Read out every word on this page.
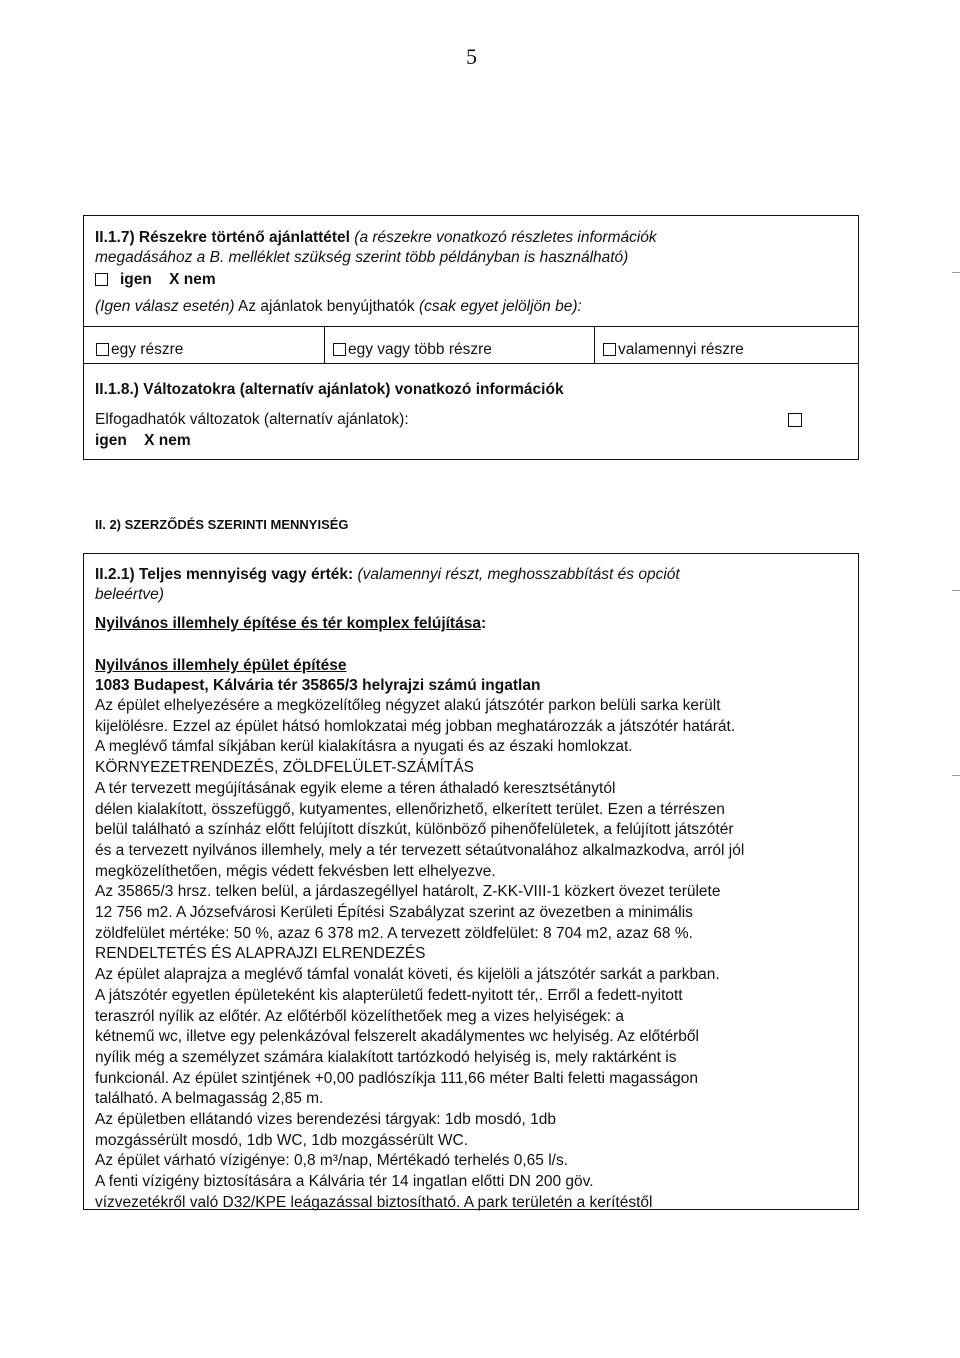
5
II.1.7) Részekre történő ajánlattétel (a részekre vonatkozó részletes információk
megadásához a B. melléklet szükség szerint több példányban is használható)
igen X nem
(Igen válasz esetén) Az ajánlatok benyújthatók (csak egyet jelöljön be):
egy részre	egy vagy több részre	valamennyi részre
II.1.8.) Változatokra (alternatív ajánlatok) vonatkozó információk
Elfogadhatók változatok (alternatív ajánlatok):
igen X nem
II. 2) SZERZŐDÉS SZERINTI MENNYISÉG
II.2.1) Teljes mennyiség vagy érték: (valamennyi részt, meghosszabbítást és opciót
beleértve)
Nyilvános illemhely építése és tér komplex felújítása:
Nyilvános illemhely épület építése
1083 Budapest, Kálvária tér 35865/3 helyrajzi számú ingatlan
Az épület elhelyezésére a megközelítőleg négyzet alakú játszótér parkon belüli sarka került
kijelölésre. Ezzel az épület hátsó homlokzatai még jobban meghatározzák a játszótér határát.
A meglévő támfal síkjában kerül kialakításra a nyugati és az északi homlokzat.
KÖRNYEZETRENDEZÉS, ZÖLDFELÜLET-SZÁMÍTÁS
A tér tervezett megújításának egyik eleme a téren áthaladó keresztsétánytól
délen kialakított, összefüggő, kutyamentes, ellenőrizhető, elkerített terület. Ezen a térrészen
belül található a színház előtt felújított díszkút, különböző pihenőfelületek, a felújított játszótér
és a tervezett nyilvános illemhely, mely a tér tervezett sétaútvonalához alkalmazkodva, arról jól
megközelíthetően, mégis védett fekvésben lett elhelyezve.
Az 35865/3 hrsz. telken belül, a járdaszegéllyel határolt, Z-KK-VIII-1 közkert övezet területe
12 756 m2. A Józsefvárosi Kerületi Építési Szabályzat szerint az övezetben a minimális
zöldfelület mértéke: 50 %, azaz 6 378 m2. A tervezett zöldfelület: 8 704 m2, azaz 68 %.
RENDELTETÉS ÉS ALAPRAJZI ELRENDEZÉS
Az épület alaprajza a meglévő támfal vonalát követi, és kijelöli a játszótér sarkát a parkban.
A játszótér egyetlen épületeként kis alapterületű fedett-nyitott tér,. Erről a fedett-nyitott
teraszról nyílik az előtér. Az előtérből közelíthetőek meg a vizes helyiségek: a
kétnemű wc, illetve egy pelenkázóval felszerelt akadálymentes wc helyiség. Az előtérből
nyílik még a személyzet számára kialakított tartózkodó helyiség is, mely raktárként is
funkcionál. Az épület szintjének +0,00 padlószíkja 111,66 méter Balti feletti magasságon
található. A belmagasság 2,85 m.
Az épületben ellátandó vizes berendezési tárgyak: 1db mosdó, 1db
mozgássérült mosdó, 1db WC, 1db mozgássérült WC.
Az épület várható vízigénye: 0,8 m³/nap, Mértékadó terhelés 0,65 l/s.
A fenti vízigény biztosítására a Kálvária tér 14 ingatlan előtti DN 200 göv.
vízvezetékről való D32/KPE leágazással biztosítható. A park területén a kerítéstől
